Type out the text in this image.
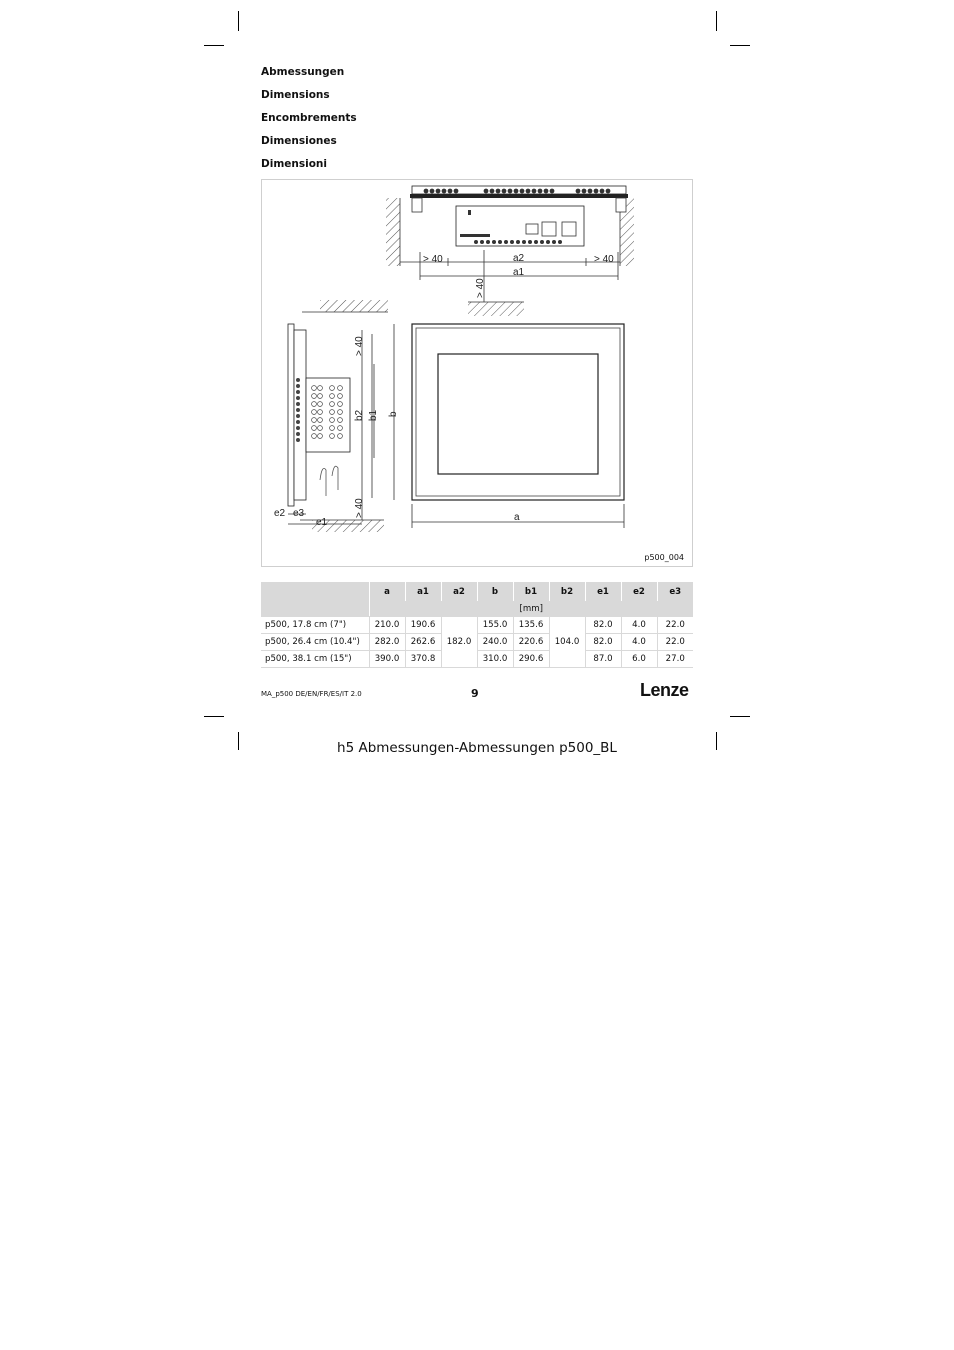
Abmessungen
Dimensions
Encombrements
Dimensiones
Dimensioni
> 40	> 40
a2
a1
> 40
> 40
b2 b1 b
> 40
e2 e3
e1	a
p500_004
	a	a1	a2	b	b1	b2	e1	e2	e3
	[mm]								
p500, 17.8 cm (7")	210.0	190.6	182.0	155.0	135.6	104.0	82.0	4.0	22.0
p500, 26.4 cm (10.4")	282.0	262.6		240.0	220.6		82.0	4.0	22.0
p500, 38.1 cm (15")	390.0	370.8		310.0	290.6		87.0	6.0	27.0
MA_p500 DE/EN/FR/ES/IT 2.0	9	Lenze
h5 Abmessungen-Abmessungen p500_BL
